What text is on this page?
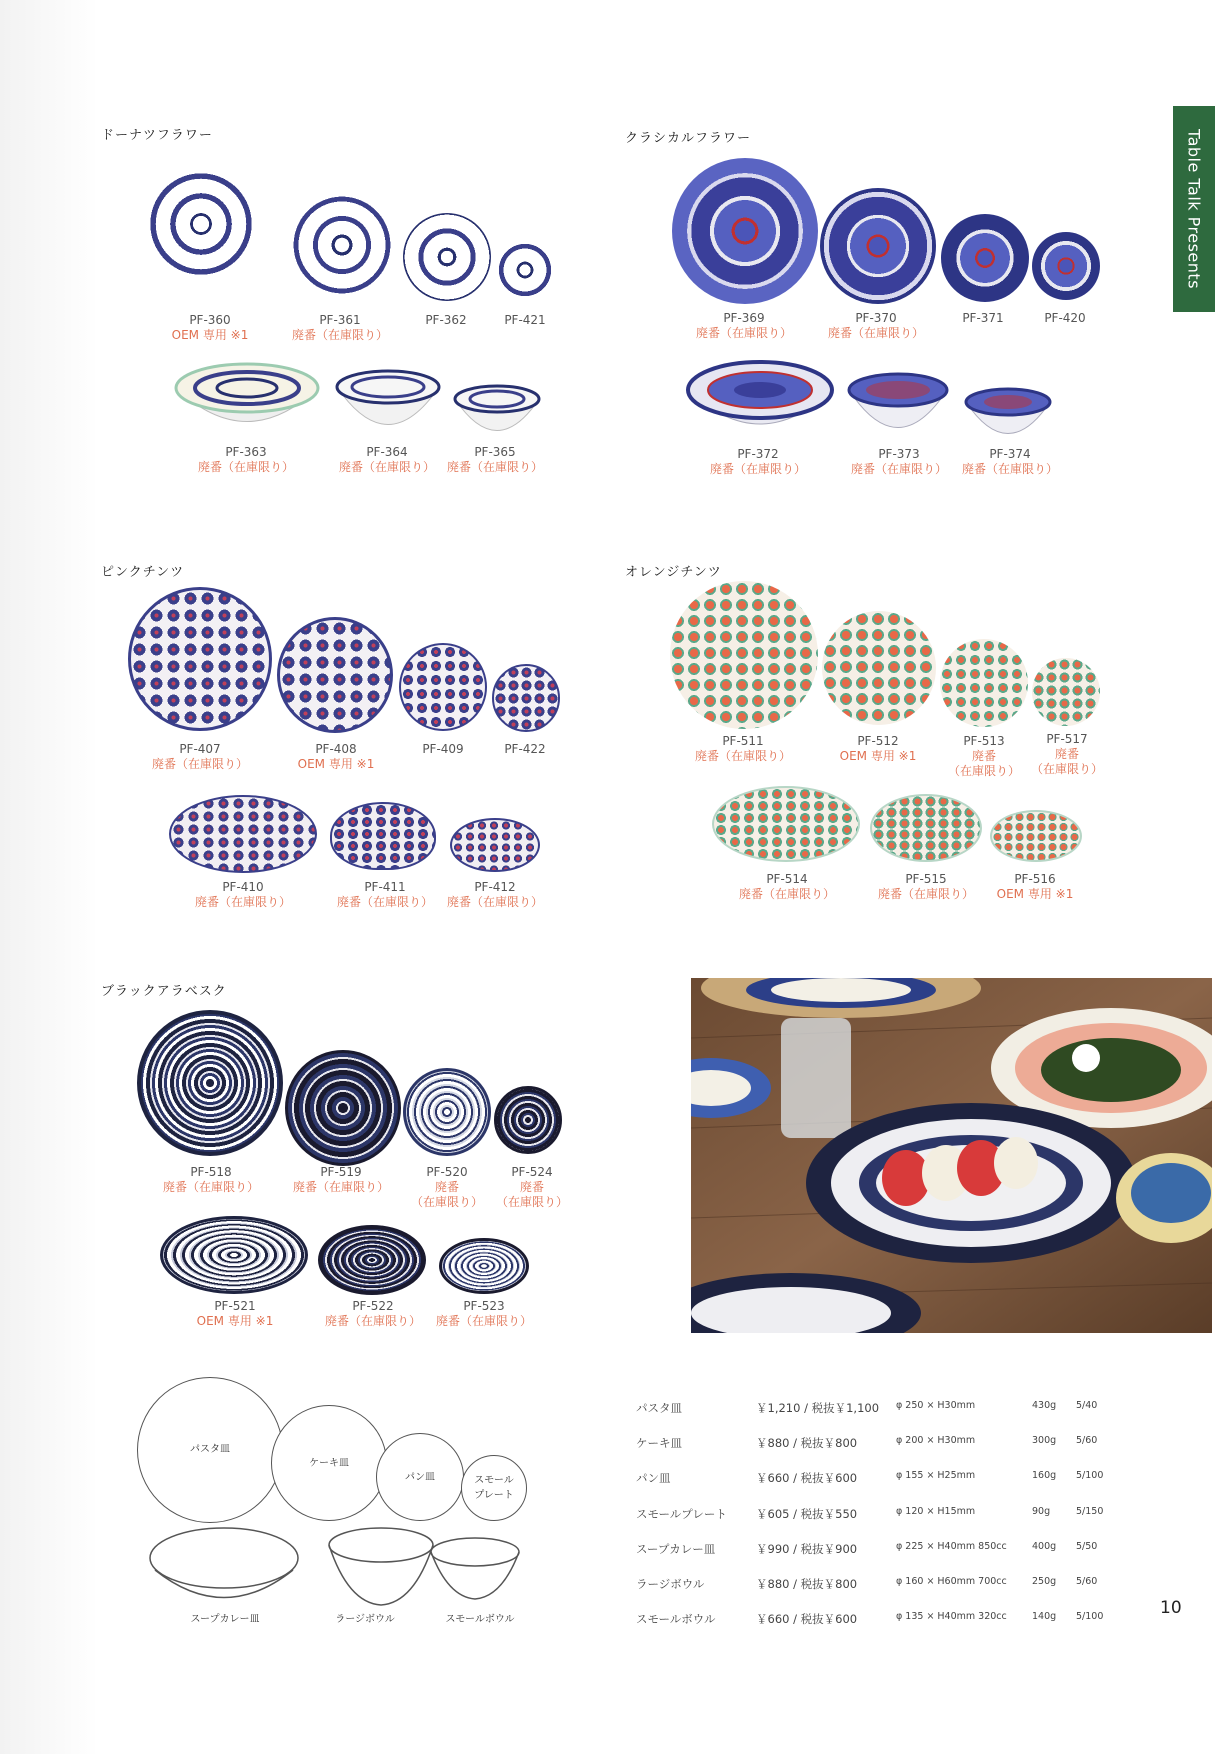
Table Talk Presents
ドーナツフラワー
PF-360
OEM 専用 ※1
PF-361
廃番（在庫限り）
PF-362	PF-421
PF-363
廃番（在庫限り）
PF-364
廃番（在庫限り）
PF-365
廃番（在庫限り）
クラシカルフラワー
PF-369
廃番（在庫限り）
PF-370
廃番（在庫限り）
PF-371	PF-420
PF-372
廃番（在庫限り）
PF-373
廃番（在庫限り）
PF-374
廃番（在庫限り）
ピンクチンツ
PF-407
廃番（在庫限り）
PF-408
OEM 専用 ※1
PF-409	PF-422
PF-410
廃番（在庫限り）
PF-411
廃番（在庫限り）
PF-412
廃番（在庫限り）
オレンジチンツ
PF-511
廃番（在庫限り）
PF-512
OEM 専用 ※1
PF-513
廃番
（在庫限り）
PF-517
廃番
（在庫限り）
PF-514
廃番（在庫限り）
PF-515
廃番（在庫限り）
PF-516
OEM 専用 ※1
ブラックアラベスク
PF-518
廃番（在庫限り）
PF-519
廃番（在庫限り）
PF-520
廃番
（在庫限り）
PF-524
廃番
（在庫限り）
PF-521
OEM 専用 ※1
PF-522
廃番（在庫限り）
PF-523
廃番（在庫限り）
パスタ皿
ケーキ皿
パン皿	スモール
プレート
スープカレー皿	ラージボウル	スモールボウル
パスタ皿	￥1,210 / 税抜￥1,100 φ 250 × H30mm	430g 5/40
ケーキ皿	￥880 / 税抜￥800	φ 200 × H30mm	300g 5/60
パン皿	￥660 / 税抜￥600	φ 155 × H25mm	160g 5/100
スモールプレート	￥605 / 税抜￥550	φ 120 × H15mm	90g	5/150
スープカレー皿	￥990 / 税抜￥900	φ 225 × H40mm 850cc	400g 5/50
ラージボウル	￥880 / 税抜￥800	φ 160 × H60mm 700cc	250g 5/60
スモールボウル	￥660 / 税抜￥600	φ 135 × H40mm 320cc	140g 5/100	10
